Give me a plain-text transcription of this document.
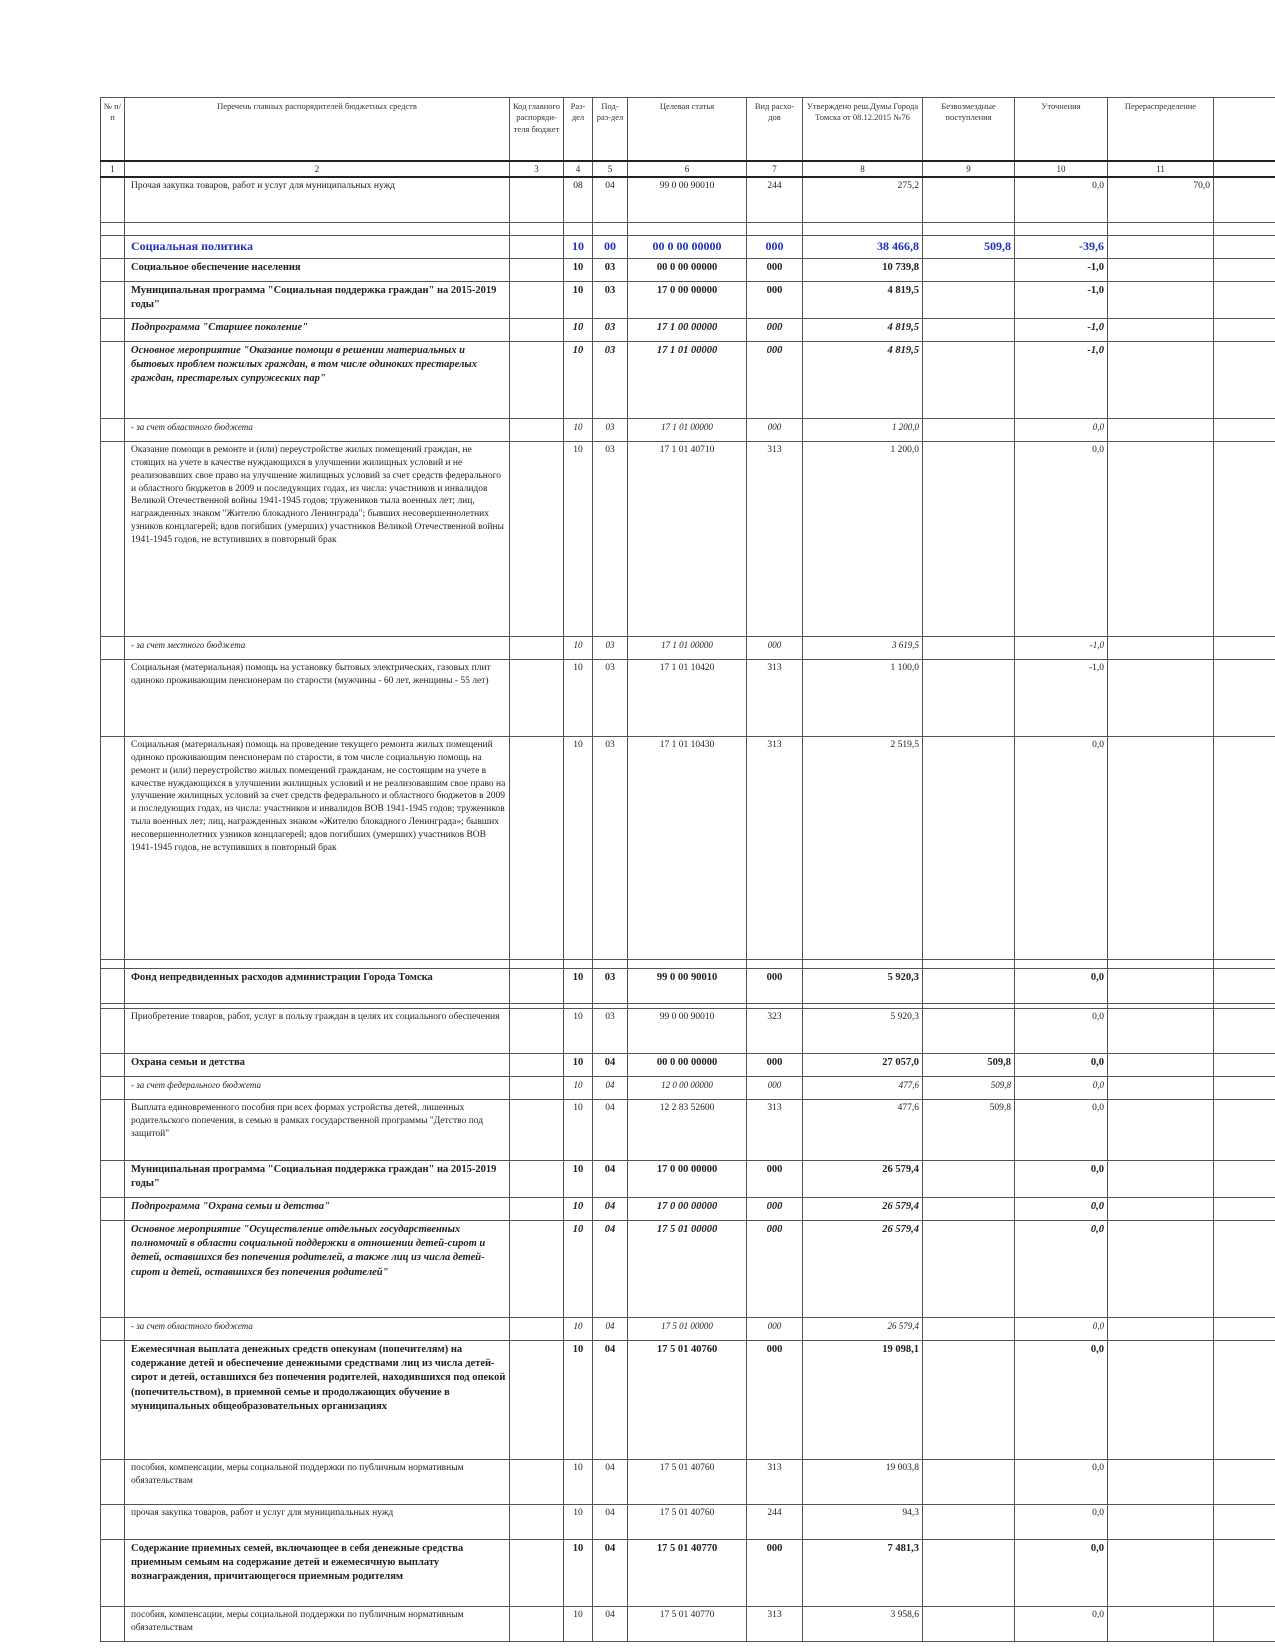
№ п/п	Перечень главных распорядителей бюджетных средств	Код главного распоряди-теля бюджет	Раз-дел	Под-раз-дел	Целевая статья	Вид расхо-дов	Утверждено реш.Думы Города Томска от 08.12.2015 №76	Безвозмездные поступления	Уточнения	Перераспределение	
1	2	3	4	5	6	7	8	9	10	11	
	Прочая закупка товаров, работ и услуг для муниципальных нужд		08	04	99 0 00 90010	244	275,2		0,0	70,0	

	Социальная политика		10	00	00 0 00 00000	000	38 466,8	509,8	-39,6		
	Социальное обеспечение населения		10	03	00 0 00 00000	000	10 739,8		-1,0		
	Муниципальная программа "Социальная поддержка граждан" на 2015-2019 годы"		10	03	17 0 00 00000	000	4 819,5		-1,0		
	Подпрограмма "Старшее поколение"		10	03	17 1 00 00000	000	4 819,5		-1,0		
	Основное мероприятие "Оказание помощи в решении материальных и бытовых проблем пожилых граждан, в том числе одиноких престарелых граждан, престарелых супружеских пар"		10	03	17 1 01 00000	000	4 819,5		-1,0		
	- за счет областного бюджета		10	03	17 1 01 00000	000	1 200,0		0,0		
	Оказание помощи в ремонте и (или) переустройстве жилых помещений граждан, не стоящих на учете в качестве нуждающихся в улучшении жилищных условий и не реализовавших свое право на улучшение жилищных условий за счет средств федерального и областного бюджетов в 2009 и последующих годах, из числа: участников и инвалидов Великой Отечественной войны 1941-1945 годов; тружеников тыла военных лет; лиц, награжденных знаком "Жителю блокадного Ленинграда"; бывших несовершеннолетних узников концлагерей; вдов погибших (умерших) участников Великой Отечественной войны 1941-1945 годов, не вступивших в повторный брак		10	03	17 1 01 40710	313	1 200,0		0,0		
	- за счет местного бюджета		10	03	17 1 01 00000	000	3 619,5		-1,0		
	Социальная (материальная) помощь на установку бытовых электрических, газовых плит одиноко проживающим пенсионерам по старости (мужчины - 60 лет, женщины - 55 лет)		10	03	17 1 01 10420	313	1 100,0		-1,0		
	Социальная (материальная) помощь на проведение текущего ремонта жилых помещений одиноко проживающим пенсионерам по старости, в том числе социальную помощь на ремонт и (или) переустройство жилых помещений гражданам, не состоящим на учете в качестве нуждающихся в улучшении жилищных условий и не реализовавшим свое право на улучшение жилищных условий за счет средств федерального и областного бюджетов в 2009 и последующих годах, из числа: участников и инвалидов ВОВ 1941-1945 годов; тружеников тыла военных лет; лиц, награжденных знаком «Жителю блокадного Ленинграда»; бывших несовершеннолетних узников концлагерей; вдов погибших (умерших) участников ВОВ 1941-1945 годов, не вступивших в повторный брак		10	03	17 1 01 10430	313	2 519,5		0,0		

	Фонд непредвиденных расходов администрации Города Томска		10	03	99 0 00 90010	000	5 920,3		0,0		

	Приобретение товаров, работ, услуг в пользу граждан в целях их социального обеспечения		10	03	99 0 00 90010	323	5 920,3		0,0		
	Охрана семьи и детства		10	04	00 0 00 00000	000	27 057,0	509,8	0,0		
	- за счет федерального бюджета		10	04	12 0 00 00000	000	477,6	509,8	0,0		
	Выплата единовременного пособия при всех формах устройства детей, лишенных родительского попечения, в семью в рамках государственной программы "Детство под защитой"		10	04	12 2 83 52600	313	477,6	509,8	0,0		
	Муниципальная программа "Социальная поддержка граждан" на 2015-2019 годы"		10	04	17 0 00 00000	000	26 579,4		0,0		
	Подпрограмма "Охрана семьи и детства"		10	04	17 0 00 00000	000	26 579,4		0,0		
	Основное мероприятие "Осуществление отдельных государственных полномочий в области социальной поддержки в отношении детей-сирот и детей, оставшихся без попечения родителей, а также лиц из числа детей-сирот и детей, оставшихся без попечения родителей"		10	04	17 5 01 00000	000	26 579,4		0,0		
	- за счет областного бюджета		10	04	17 5 01 00000	000	26 579,4		0,0		
	Ежемесячная выплата денежных средств опекунам (попечителям) на содержание детей и обеспечение денежными средствами лиц из числа детей-сирот и детей, оставшихся без попечения родителей, находившихся под опекой (попечительством), в приемной семье и продолжающих обучение в муниципальных общеобразовательных организациях		10	04	17 5 01 40760	000	19 098,1		0,0		
	пособия, компенсации, меры социальной поддержки по публичным нормативным обязательствам		10	04	17 5 01 40760	313	19 003,8		0,0		
	прочая закупка товаров, работ и услуг для муниципальных нужд		10	04	17 5 01 40760	244	94,3		0,0		
	Содержание приемных семей, включающее в себя денежные средства приемным семьям на содержание детей и ежемесячную выплату вознаграждения, причитающегося приемным родителям		10	04	17 5 01 40770	000	7 481,3		0,0		
	пособия, компенсации, меры социальной поддержки по публичным нормативным обязательствам		10	04	17 5 01 40770	313	3 958,6		0,0		
